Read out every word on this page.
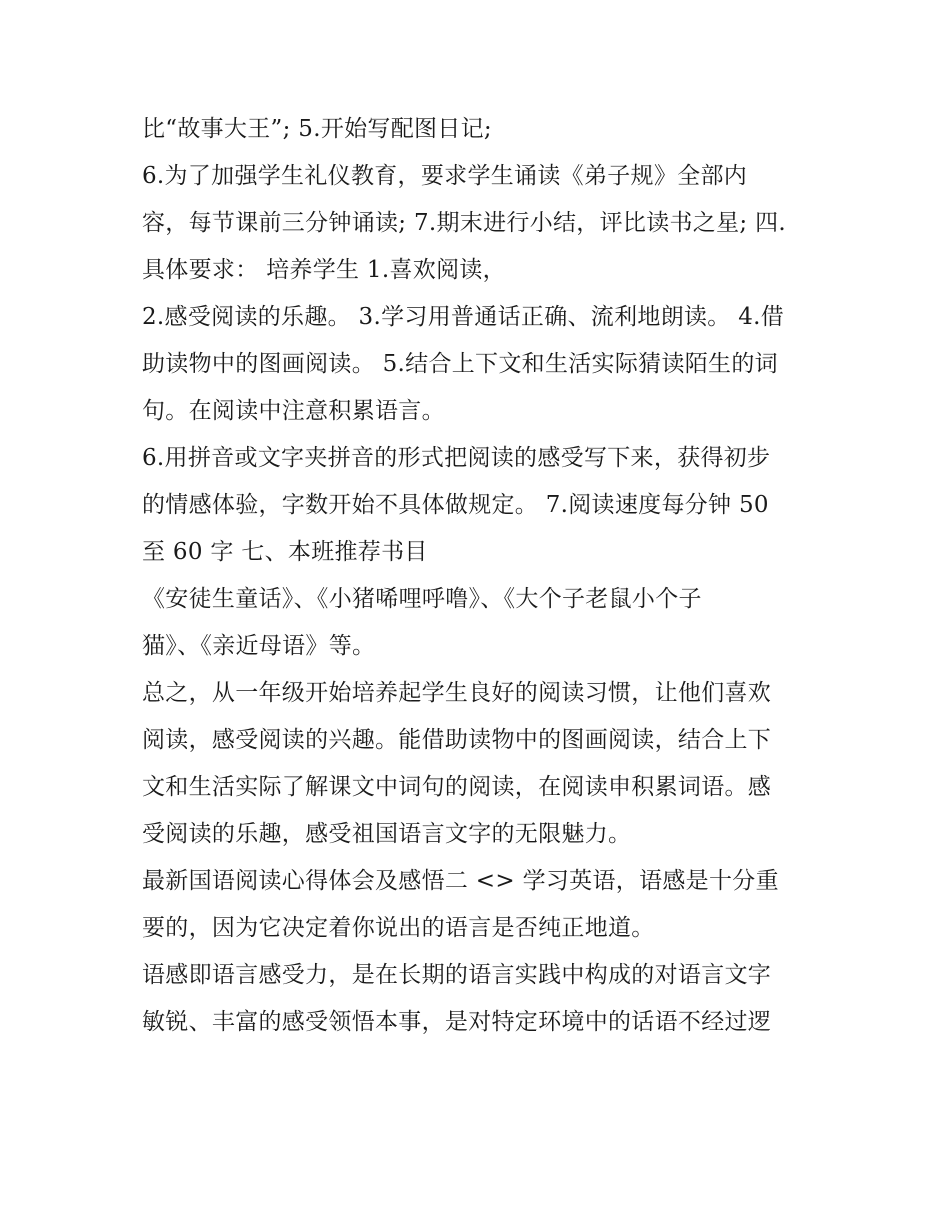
比“故事大王”; 5.开始写配图日记;
6.为了加强学生礼仪教育，要求学生诵读《弟子规》全部内
容，每节课前三分钟诵读; 7.期末进行小结，评比读书之星; 四.
具体要求： 培养学生 1.喜欢阅读，
2.感受阅读的乐趣。 3.学习用普通话正确、流利地朗读。 4.借
助读物中的图画阅读。 5.结合上下文和生活实际猜读陌生的词
句。在阅读中注意积累语言。
6.用拼音或文字夹拼音的形式把阅读的感受写下来，获得初步
的情感体验，字数开始不具体做规定。 7.阅读速度每分钟 50
至 60 字 七、本班推荐书目
《安徒生童话》、《小猪唏哩呼噜》、《大个子老鼠小个子
猫》、《亲近母语》等。
总之，从一年级开始培养起学生良好的阅读习惯，让他们喜欢
阅读，感受阅读的兴趣。能借助读物中的图画阅读，结合上下
文和生活实际了解课文中词句的阅读，在阅读申积累词语。感
受阅读的乐趣，感受祖国语言文字的无限魅力。
最新国语阅读心得体会及感悟二 <> 学习英语，语感是十分重
要的，因为它决定着你说出的语言是否纯正地道。
语感即语言感受力，是在长期的语言实践中构成的对语言文字
敏锐、丰富的感受领悟本事，是对特定环境中的话语不经过逻
